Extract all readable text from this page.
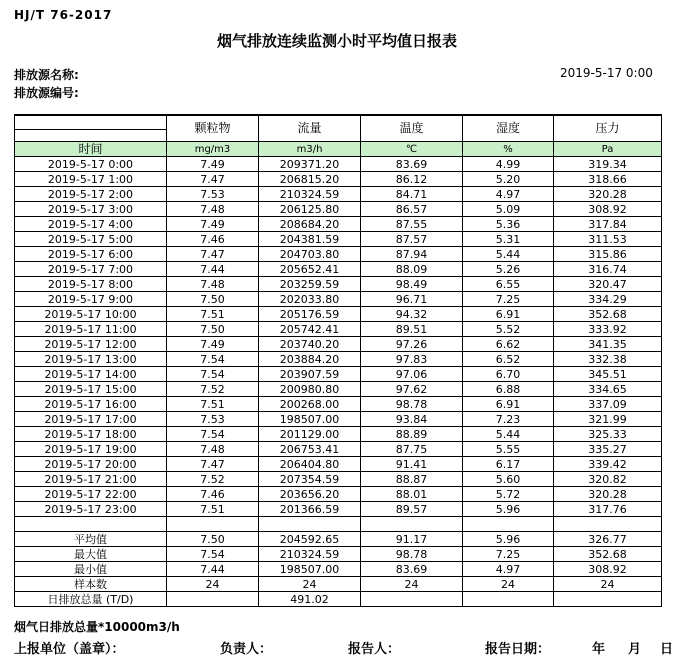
HJ/T 76-2017
烟气排放连续监测小时平均值日报表
排放源名称:
排放源编号:
2019-5-17 0:00
	颗粒物	流量	温度	湿度	压力

时间	mg/m3	m3/h	℃	%	Pa
2019-5-17 0:00	7.49	209371.20	83.69	4.99	319.34
2019-5-17 1:00	7.47	206815.20	86.12	5.20	318.66
2019-5-17 2:00	7.53	210324.59	84.71	4.97	320.28
2019-5-17 3:00	7.48	206125.80	86.57	5.09	308.92
2019-5-17 4:00	7.49	208684.20	87.55	5.36	317.84
2019-5-17 5:00	7.46	204381.59	87.57	5.31	311.53
2019-5-17 6:00	7.47	204703.80	87.94	5.44	315.86
2019-5-17 7:00	7.44	205652.41	88.09	5.26	316.74
2019-5-17 8:00	7.48	203259.59	98.49	6.55	320.47
2019-5-17 9:00	7.50	202033.80	96.71	7.25	334.29
2019-5-17 10:00	7.51	205176.59	94.32	6.91	352.68
2019-5-17 11:00	7.50	205742.41	89.51	5.52	333.92
2019-5-17 12:00	7.49	203740.20	97.26	6.62	341.35
2019-5-17 13:00	7.54	203884.20	97.83	6.52	332.38
2019-5-17 14:00	7.54	203907.59	97.06	6.70	345.51
2019-5-17 15:00	7.52	200980.80	97.62	6.88	334.65
2019-5-17 16:00	7.51	200268.00	98.78	6.91	337.09
2019-5-17 17:00	7.53	198507.00	93.84	7.23	321.99
2019-5-17 18:00	7.54	201129.00	88.89	5.44	325.33
2019-5-17 19:00	7.48	206753.41	87.75	5.55	335.27
2019-5-17 20:00	7.47	206404.80	91.41	6.17	339.42
2019-5-17 21:00	7.52	207354.59	88.87	5.60	320.82
2019-5-17 22:00	7.46	203656.20	88.01	5.72	320.28
2019-5-17 23:00	7.51	201366.59	89.57	5.96	317.76

平均值	7.50	204592.65	91.17	5.96	326.77
最大值	7.54	210324.59	98.78	7.25	352.68
最小值	7.44	198507.00	83.69	4.97	308.92
样本数	24	24	24	24	24
日排放总量 (T/D)		491.02			
烟气日排放总量*10000m3/h
上报单位（盖章）：	负责人：	报告人：	报告日期：	年 月 日
